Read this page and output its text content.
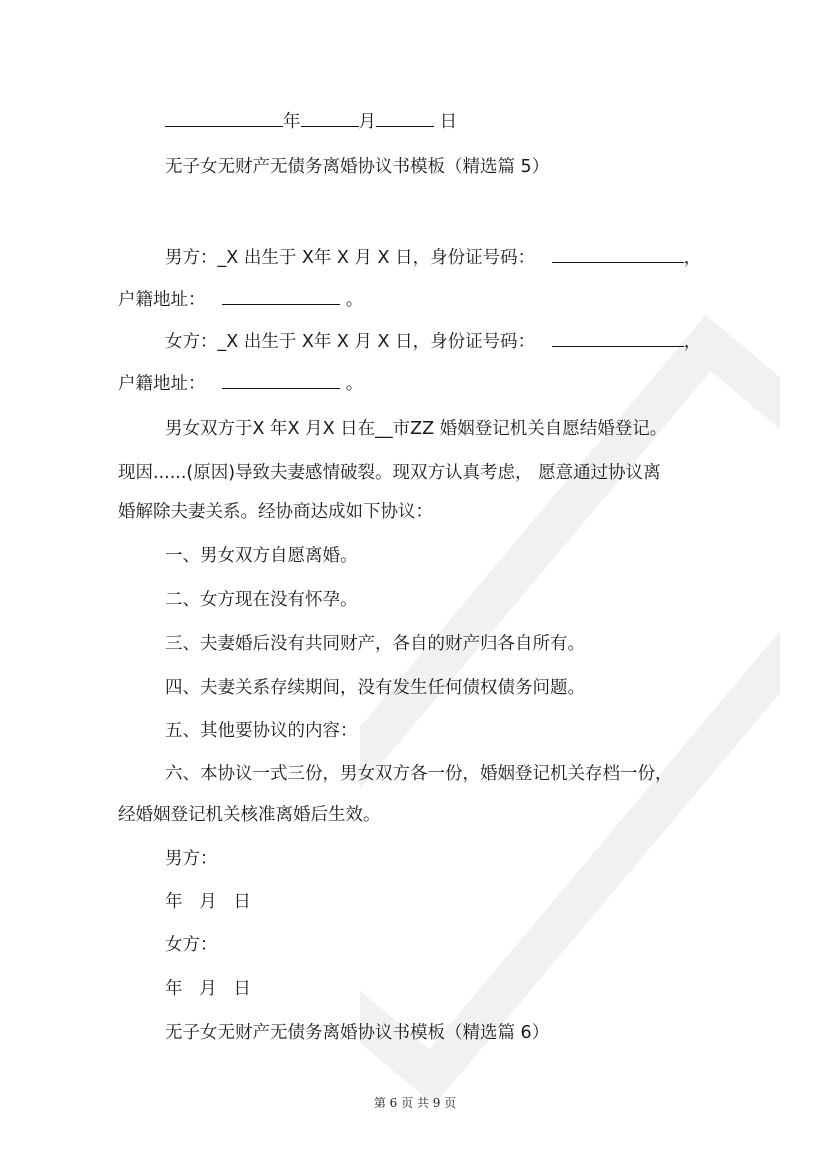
年	月	日
无子女无财产无债务离婚协议书模板（精选篇 5）
男方：_X 出生于 X年 X 月 X 日，身份证号码：	，
户籍地址：	。
女方：_X 出生于 X年 X 月 X 日，身份证号码：	，
户籍地址：	。
男女双方于X 年X 月X 日在__市ZZ 婚姻登记机关自愿结婚登记。
现因......(原因)导致夫妻感情破裂。现双方认真考虑， 愿意通过协议离
婚解除夫妻关系。经协商达成如下协议：
一、男女双方自愿离婚。
二、女方现在没有怀孕。
三、夫妻婚后没有共同财产，各自的财产归各自所有。
四、夫妻关系存续期间，没有发生任何债权债务问题。
五、其他要协议的内容：
六、本协议一式三份，男女双方各一份，婚姻登记机关存档一份，
经婚姻登记机关核准离婚后生效。
男方：
年   月   日
女方：
年   月   日
无子女无财产无债务离婚协议书模板（精选篇 6）
第 6 页 共 9 页
